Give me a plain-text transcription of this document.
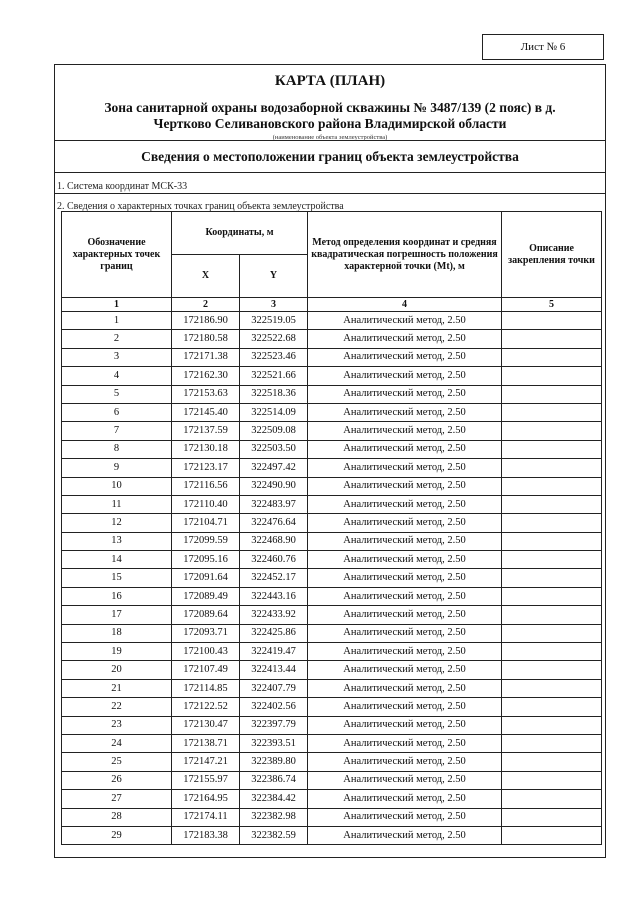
Лист № 6
КАРТА (ПЛАН)
Зона санитарной охраны водозаборной скважины № 3487/139 (2 пояс) в д.
Чертково Селивановского района Владимирской области
(наименование объекта землеустройства)
Сведения о местоположении границ объекта землеустройства
1. Система координат МСК-33
2. Сведения о характерных точках границ объекта землеустройства
Обозначение характерных точек границ	Координаты, м		Метод определения координат и средняя квадратическая погрешность положения характерной точки (Mt), м	Описание закрепления точки
	X	Y		
1	2	3	4	5
1	172186.90	322519.05	Аналитический метод, 2.50	
2	172180.58	322522.68	Аналитический метод, 2.50	
3	172171.38	322523.46	Аналитический метод, 2.50	
4	172162.30	322521.66	Аналитический метод, 2.50	
5	172153.63	322518.36	Аналитический метод, 2.50	
6	172145.40	322514.09	Аналитический метод, 2.50	
7	172137.59	322509.08	Аналитический метод, 2.50	
8	172130.18	322503.50	Аналитический метод, 2.50	
9	172123.17	322497.42	Аналитический метод, 2.50	
10	172116.56	322490.90	Аналитический метод, 2.50	
11	172110.40	322483.97	Аналитический метод, 2.50	
12	172104.71	322476.64	Аналитический метод, 2.50	
13	172099.59	322468.90	Аналитический метод, 2.50	
14	172095.16	322460.76	Аналитический метод, 2.50	
15	172091.64	322452.17	Аналитический метод, 2.50	
16	172089.49	322443.16	Аналитический метод, 2.50	
17	172089.64	322433.92	Аналитический метод, 2.50	
18	172093.71	322425.86	Аналитический метод, 2.50	
19	172100.43	322419.47	Аналитический метод, 2.50	
20	172107.49	322413.44	Аналитический метод, 2.50	
21	172114.85	322407.79	Аналитический метод, 2.50	
22	172122.52	322402.56	Аналитический метод, 2.50	
23	172130.47	322397.79	Аналитический метод, 2.50	
24	172138.71	322393.51	Аналитический метод, 2.50	
25	172147.21	322389.80	Аналитический метод, 2.50	
26	172155.97	322386.74	Аналитический метод, 2.50	
27	172164.95	322384.42	Аналитический метод, 2.50	
28	172174.11	322382.98	Аналитический метод, 2.50	
29	172183.38	322382.59	Аналитический метод, 2.50	
